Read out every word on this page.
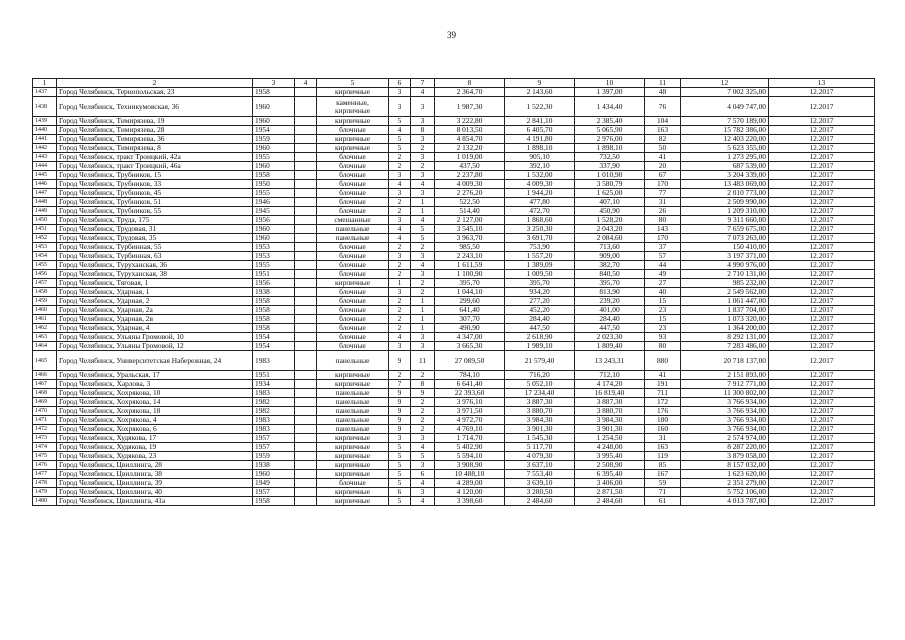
39
1	2	3	4	5	6	7	8	9	10	11	12	13
1437	Город Челябинск, Териопольская, 23	1958		кирпичные	3	4	2 364,70	2 143,60	1 397,00	48	7 002 325,00	12.2017
1438	Город Челябинск, Техникумовская, 36	1960		каменные, кирпичные	3	3	1 987,30	1 522,30	1 434,40	76	4 049 747,00	12.2017
1439	Город Челябинск, Тимирязева, 19	1960		кирпичные	5	3	3 222,80	2 841,10	2 385,40	104	7 570 189,00	12.2017
1440	Город Челябинск, Тимирязева, 28	1954		блочные	4	8	8 013,50	6 405,70	5 065,90	163	15 782 386,00	12.2017
1441	Город Челябинск, Тимирязева, 36	1959		кирпичные	5	3	4 854,70	4 191,80	2 976,00	82	12 403 220,00	12.2017
1442	Город Челябинск, Тимирязева, 8	1960		кирпичные	5	2	2 132,20	1 898,10	1 898,10	50	5 623 355,00	12.2017
1443	Город Челябинск, тракт Троицкий, 42а	1955		блочные	2	3	1 019,00	905,10	732,50	41	1 273 295,00	12.2017
1444	Город Челябинск, тракт Троицкий, 46а	1960		блочные	2	2	437,50	392,10	337,90	20	687 539,00	12.2017
1445	Город Челябинск, Трубников, 15	1958		блочные	3	3	2 237,80	1 532,00	1 010,90	67	3 204 339,00	12.2017
1446	Город Челябинск, Трубников, 33	1950		блочные	4	4	4 009,30	4 009,30	3 580,79	170	13 483 069,00	12.2017
1447	Город Челябинск, Трубников, 45	1955		блочные	3	3	2 276,20	1 944,20	1 625,00	77	2 010 773,00	12.2017
1448	Город Челябинск, Трубников, 51	1946		блочные	2	1	522,50	477,80	407,10	31	2 509 990,00	12.2017
1449	Город Челябинск, Трубников, 55	1945		блочные	2	1	514,40	472,70	450,90	26	1 209 310,00	12.2017
1450	Город Челябинск, Труда, 175	1956		смешанные	3	4	2 127,00	1 868,60	1 528,20	80	9 311 660,00	12.2017
1451	Город Челябинск, Трудовая, 31	1960		панельные	4	5	3 545,10	3 250,30	2 043,20	143	7 659 675,00	12.2017
1452	Город Челябинск, Трудовая, 35	1960		панельные	4	5	3 963,70	3 691,70	2 084,60	170	7 073 263,00	12.2017
1453	Город Челябинск, Турбинная, 55	1953		блочные	2	2	985,50	753,90	713,60	37	150 410,00	12.2017
1454	Город Челябинск, Турбинная, 63	1953		блочные	3	3	2 243,10	1 557,20	909,00	57	3 197 371,00	12.2017
1455	Город Челябинск, Туруханская, 36	1955		блочные	2	4	1 611,59	1 389,09	382,70	44	4 990 976,00	12.2017
1456	Город Челябинск, Туруханская, 38	1951		блочные	2	3	1 100,90	1 009,50	840,50	49	2 710 131,00	12.2017
1457	Город Челябинск, Тяговая, 1	1956		кирпичные	1	2	395,70	395,70	395,70	27	985 232,00	12.2017
1458	Город Челябинск, Ударная, 1	1938		блочные	3	2	1 044,10	934,20	813,90	40	2 549 562,00	12.2017
1459	Город Челябинск, Ударная, 2	1958		блочные	2	1	299,60	277,20	239,20	15	1 061 447,00	12.2017
1460	Город Челябинск, Ударная, 2а	1958		блочные	2	1	641,40	452,20	401,00	23	1 837 704,00	12.2017
1461	Город Челябинск, Ударная, 2в	1958		блочные	2	1	307,70	284,40	284,40	15	1 073 320,00	12.2017
1462	Город Челябинск, Ударная, 4	1958		блочные	2	1	490,90	447,50	447,50	23	1 364 200,00	12.2017
1463	Город Челябинск, Ульяны Громовой, 10	1954		блочные	4	3	4 347,00	2 618,90	2 023,30	93	8 292 131,00	12.2017
1464	Город Челябинск, Ульяны Громовой, 12	1954		блочные	3	3	3 665,30	1 989,10	1 809,40	80	7 283 486,00	12.2017
1465	Город Челябинск, Университетская Набережная, 24	1983		панельные	9	11	27 089,50	21 579,40	13 243,31	880	20 718 137,00	12.2017
1466	Город Челябинск, Уральская, 17	1951		кирпичные	2	2	784,10	716,20	712,10	41	2 151 893,00	12.2017
1467	Город Челябинск, Харлова, 3	1934		кирпичные	7	8	6 641,40	5 052,10	4 174,20	191	7 912 771,00	12.2017
1468	Город Челябинск, Хохрякова, 10	1983		панельные	9	9	22 393,60	17 234,40	16 819,40	711	11 300 802,00	12.2017
1469	Город Челябинск, Хохрякова, 14	1982		панельные	9	2	3 976,10	3 887,30	3 887,30	172	3 766 934,00	12.2017
1470	Город Челябинск, Хохрякова, 18	1982		панельные	9	2	3 971,50	3 880,70	3 880,70	176	3 766 934,00	12.2017
1471	Город Челябинск, Хохрякова, 4	1983		панельные	9	2	4 972,70	3 984,30	3 984,30	180	3 766 934,00	12.2017
1472	Город Челябинск, Хохрякова, 6	1983		панельные	9	2	4 769,10	3 901,30	3 901,30	160	3 766 934,00	12.2017
1473	Город Челябинск, Худякова, 17	1957		кирпичные	3	3	1 714,70	1 545,30	1 254,50	31	2 574 974,00	12.2017
1474	Город Челябинск, Худякова, 19	1957		кирпичные	5	4	5 402,90	5 117,70	4 248,00	163	8 287 220,00	12.2017
1475	Город Челябинск, Худякова, 23	1959		кирпичные	5	5	5 594,10	4 079,30	3 995,40	119	3 879 058,00	12.2017
1476	Город Челябинск, Цвиллинга, 28	1938		кирпичные	5	3	3 908,90	3 637,10	2 508,90	85	8 157 032,00	12.2017
1477	Город Челябинск, Цвиллинга, 38	1960		кирпичные	5	6	10 488,10	7 553,40	6 395,40	167	1 623 620,00	12.2017
1478	Город Челябинск, Цвиллинга, 39	1949		блочные	5	4	4 289,00	3 639,10	3 406,00	59	2 351 279,00	12.2017
1479	Город Челябинск, Цвиллинга, 40	1957		кирпичные	6	3	4 120,00	3 280,50	2 871,50	71	5 752 106,00	12.2017
1480	Город Челябинск, Цвиллинга, 41а	1958		кирпичные	5	4	3 398,60	2 484,60	2 484,60	61	4 013 787,00	12.2017
